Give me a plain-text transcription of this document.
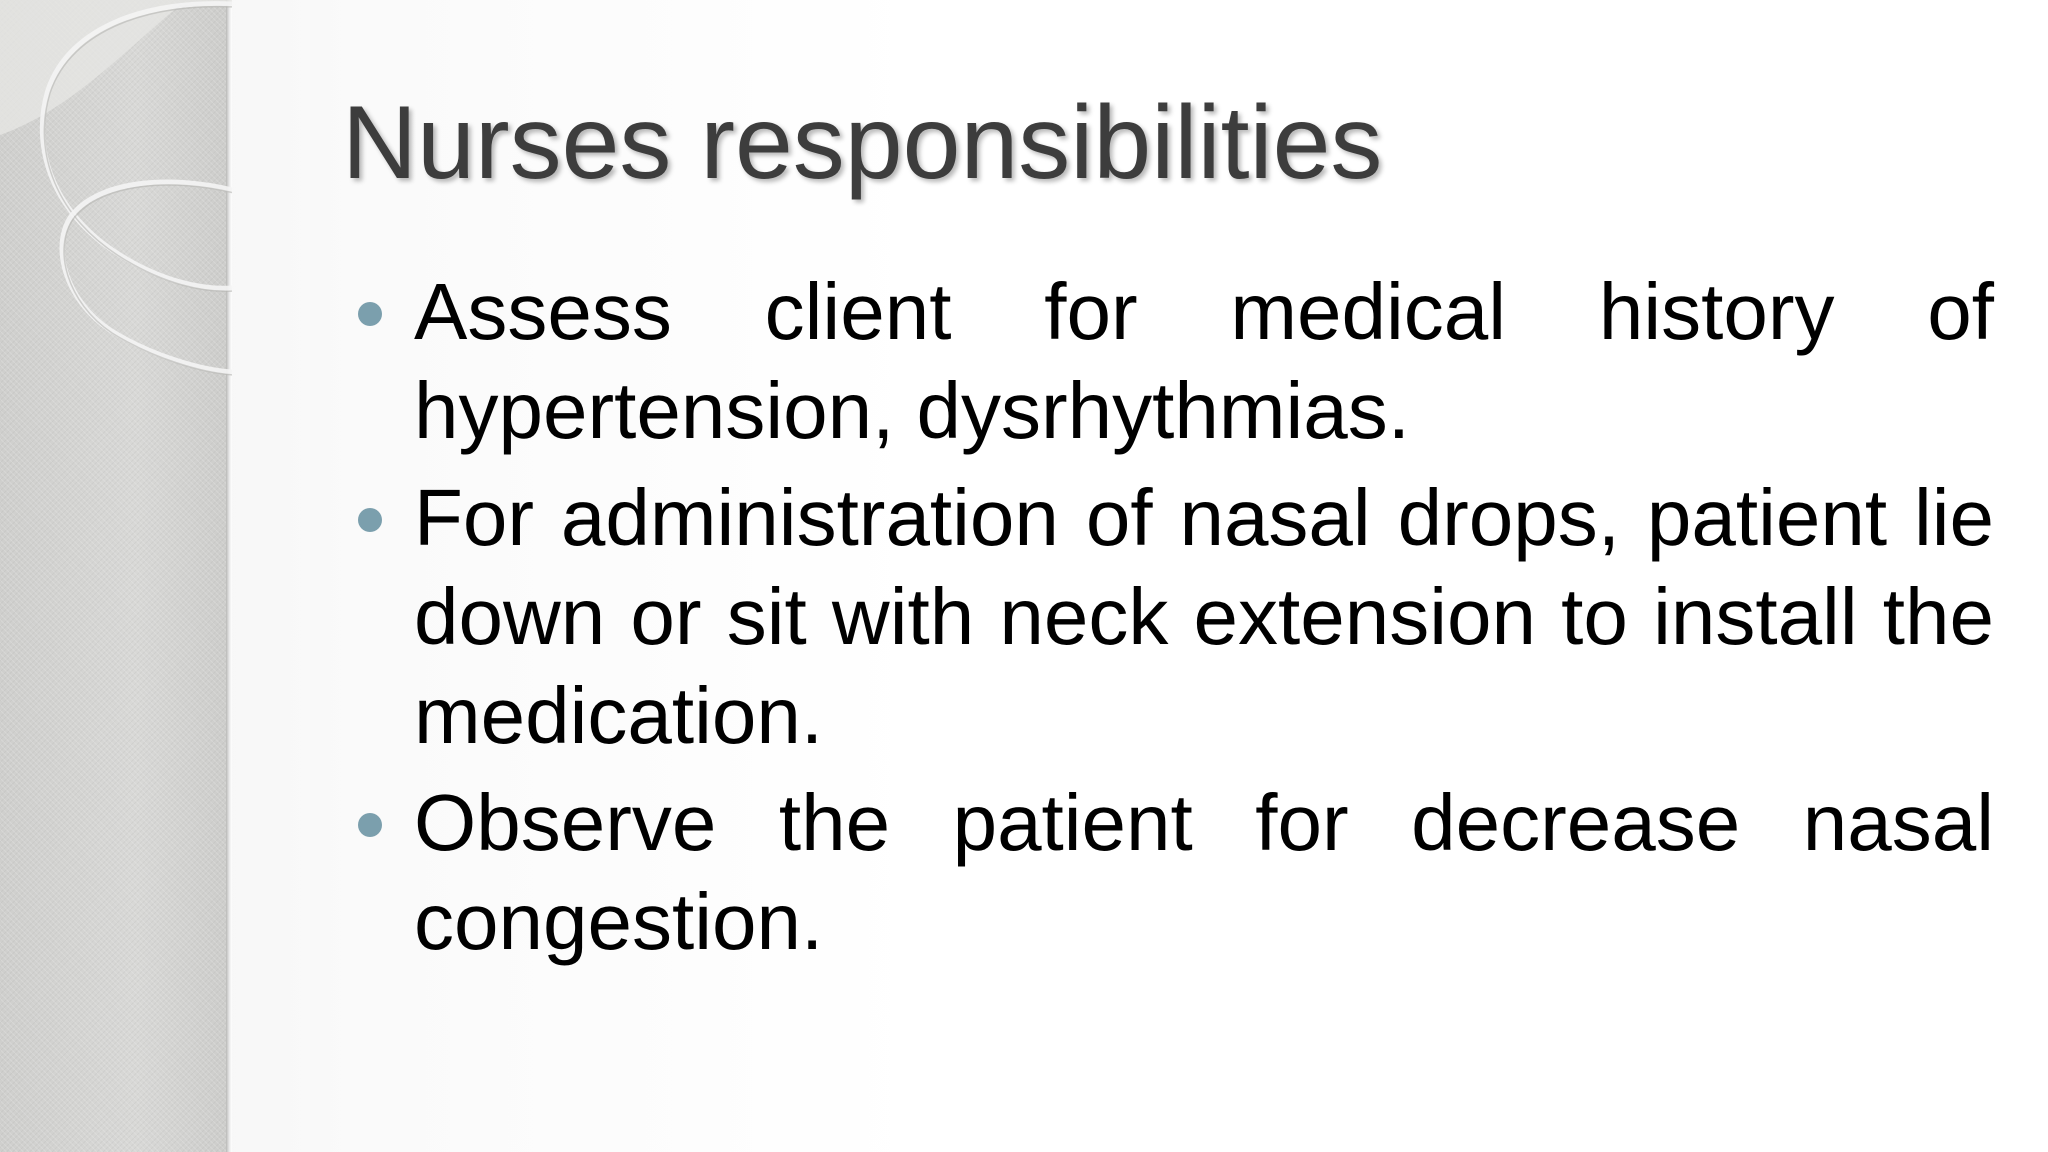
Nurses responsibilities
Assess client for medical history of hypertension, dysrhythmias.
For administration of nasal drops, patient lie down or sit with neck extension to install the medication.
Observe the patient for decrease nasal congestion.
